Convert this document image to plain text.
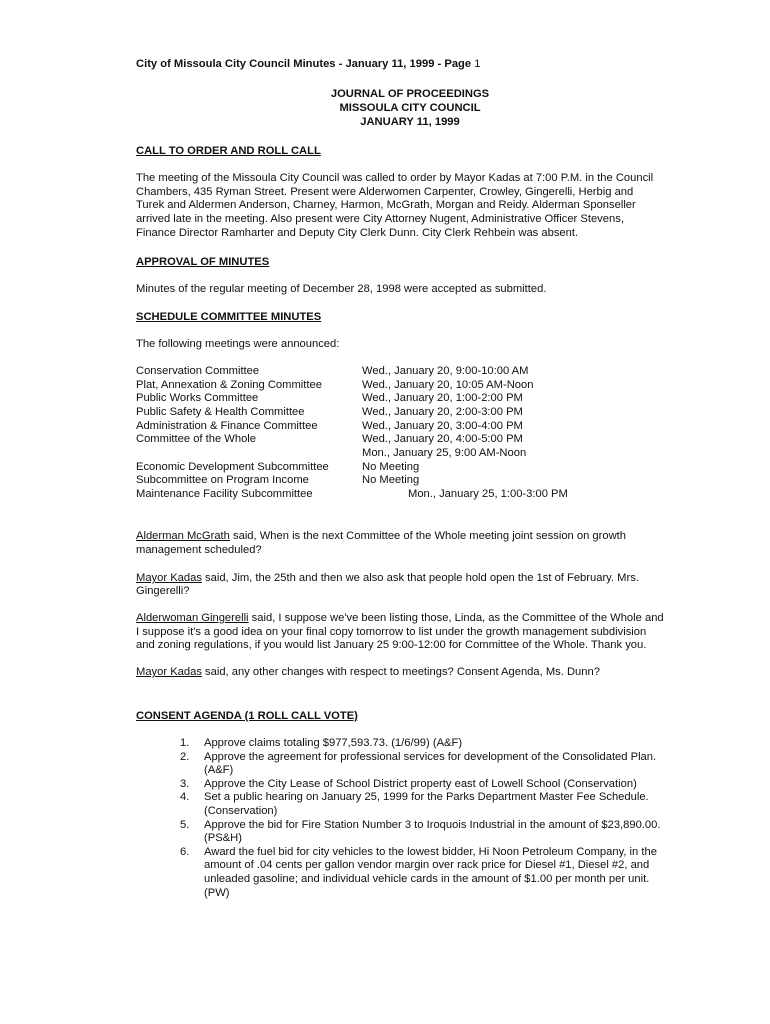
City of Missoula City Council Minutes - January 11, 1999 - Page 1
JOURNAL OF PROCEEDINGS
MISSOULA CITY COUNCIL
JANUARY 11, 1999
CALL TO ORDER AND ROLL CALL
The meeting of the Missoula City Council was called to order by Mayor Kadas at 7:00 P.M. in the Council
Chambers, 435 Ryman Street. Present were Alderwomen Carpenter, Crowley, Gingerelli, Herbig and
Turek and Aldermen Anderson, Charney, Harmon, McGrath, Morgan and Reidy. Alderman Sponseller
arrived late in the meeting. Also present were City Attorney Nugent, Administrative Officer Stevens,
Finance Director Ramharter and Deputy City Clerk Dunn. City Clerk Rehbein was absent.
APPROVAL OF MINUTES
Minutes of the regular meeting of December 28, 1998 were accepted as submitted.
SCHEDULE COMMITTEE MINUTES
The following meetings were announced:
Conservation Committee	Wed., January 20, 9:00-10:00 AM
Plat, Annexation & Zoning Committee	Wed., January 20, 10:05 AM-Noon
Public Works Committee	Wed., January 20, 1:00-2:00 PM
Public Safety & Health Committee	Wed., January 20, 2:00-3:00 PM
Administration & Finance Committee	Wed., January 20, 3:00-4:00 PM
Committee of the Whole	Wed., January 20, 4:00-5:00 PM
Mon., January 25, 9:00 AM-Noon
Economic Development Subcommittee	No Meeting
Subcommittee on Program Income	No Meeting
Maintenance Facility Subcommittee	Mon., January 25, 1:00-3:00 PM
Alderman McGrath said, When is the next Committee of the Whole meeting joint session on growth
management scheduled?
Mayor Kadas said, Jim, the 25th and then we also ask that people hold open the 1st of February. Mrs.
Gingerelli?
Alderwoman Gingerelli said, I suppose we've been listing those, Linda, as the Committee of the Whole and
I suppose it's a good idea on your final copy tomorrow to list under the growth management subdivision
and zoning regulations, if you would list January 25 9:00-12:00 for Committee of the Whole. Thank you.
Mayor Kadas said, any other changes with respect to meetings? Consent Agenda, Ms. Dunn?
CONSENT AGENDA (1 ROLL CALL VOTE)
1. Approve claims totaling $977,593.73. (1/6/99) (A&F)
2. Approve the agreement for professional services for development of the Consolidated Plan.
(A&F)
3. Approve the City Lease of School District property east of Lowell School (Conservation)
4. Set a public hearing on January 25, 1999 for the Parks Department Master Fee Schedule.
(Conservation)
5. Approve the bid for Fire Station Number 3 to Iroquois Industrial in the amount of $23,890.00.
(PS&H)
6. Award the fuel bid for city vehicles to the lowest bidder, Hi Noon Petroleum Company, in the
amount of .04 cents per gallon vendor margin over rack price for Diesel #1, Diesel #2, and
unleaded gasoline; and individual vehicle cards in the amount of $1.00 per month per unit.
(PW)
